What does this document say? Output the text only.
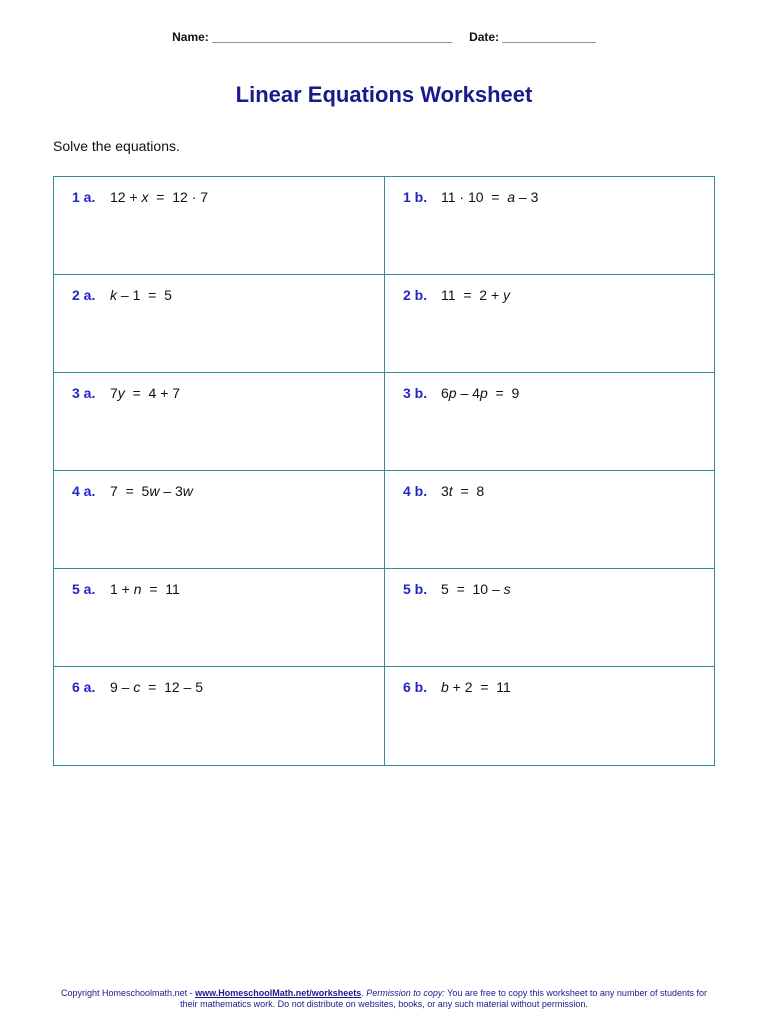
Name: ____________________________________ Date: ______________
Linear Equations Worksheet
Solve the equations.
1 a. 12 + x  =  12 · 7	1 b. 11 · 10  =  a – 3
2 a. k – 1  =  5	2 b. 11  =  2 + y
3 a. 7y  =  4 + 7	3 b. 6p – 4p  =  9
4 a. 7  =  5w – 3w	4 b. 3t  =  8
5 a. 1 + n  =  11	5 b. 5  =  10 – s
6 a. 9 – c  =  12 – 5	6 b. b + 2  =  11
Copyright Homeschoolmath.net - www.HomeschoolMath.net/worksheets. Permission to copy: You are free to copy this worksheet to any number of students for their mathematics work. Do not distribute on websites, books, or any such material without permission.
